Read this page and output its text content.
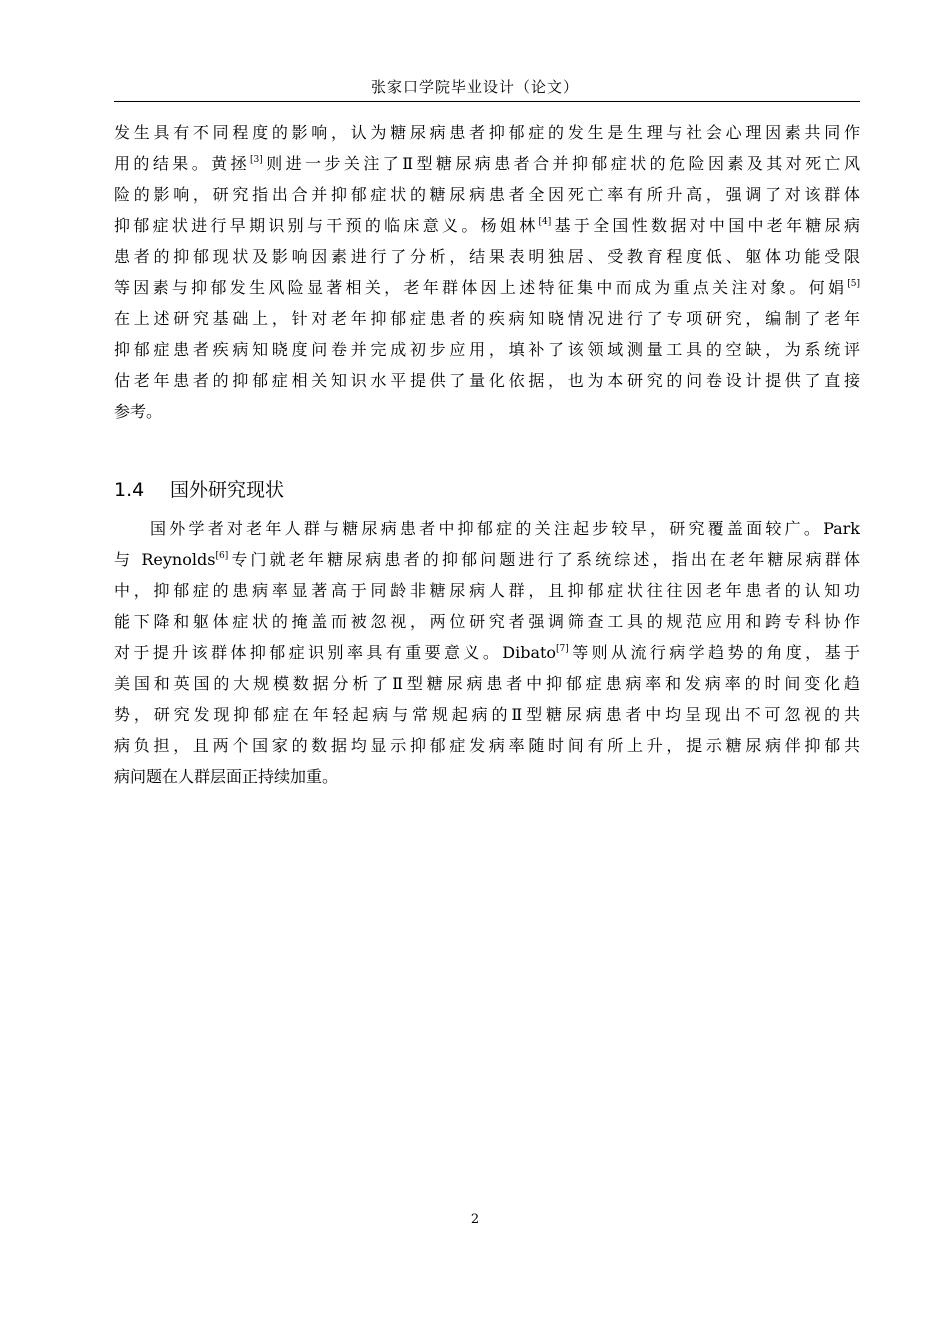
张家口学院毕业设计（论文）
发生具有不同程度的影响，认为糖尿病患者抑郁症的发生是生理与社会心理因素共同作
用的结果。黄拯[3]则进一步关注了Ⅱ型糖尿病患者合并抑郁症状的危险因素及其对死亡风
险的影响，研究指出合并抑郁症状的糖尿病患者全因死亡率有所升高，强调了对该群体
抑郁症状进行早期识别与干预的临床意义。杨姐林[4]基于全国性数据对中国中老年糖尿病
患者的抑郁现状及影响因素进行了分析，结果表明独居、受教育程度低、躯体功能受限
等因素与抑郁发生风险显著相关，老年群体因上述特征集中而成为重点关注对象。何娟[5]
在上述研究基础上，针对老年抑郁症患者的疾病知晓情况进行了专项研究，编制了老年
抑郁症患者疾病知晓度问卷并完成初步应用，填补了该领域测量工具的空缺，为系统评
估老年患者的抑郁症相关知识水平提供了量化依据，也为本研究的问卷设计提供了直接
参考。
1.4 国外研究现状
国外学者对老年人群与糖尿病患者中抑郁症的关注起步较早，研究覆盖面较广。Park
与 Reynolds[6]专门就老年糖尿病患者的抑郁问题进行了系统综述，指出在老年糖尿病群体
中，抑郁症的患病率显著高于同龄非糖尿病人群，且抑郁症状往往因老年患者的认知功
能下降和躯体症状的掩盖而被忽视，两位研究者强调筛查工具的规范应用和跨专科协作
对于提升该群体抑郁症识别率具有重要意义。Dibato[7]等则从流行病学趋势的角度，基于
美国和英国的大规模数据分析了Ⅱ型糖尿病患者中抑郁症患病率和发病率的时间变化趋
势，研究发现抑郁症在年轻起病与常规起病的Ⅱ型糖尿病患者中均呈现出不可忽视的共
病负担，且两个国家的数据均显示抑郁症发病率随时间有所上升，提示糖尿病伴抑郁共
病问题在人群层面正持续加重。
2
